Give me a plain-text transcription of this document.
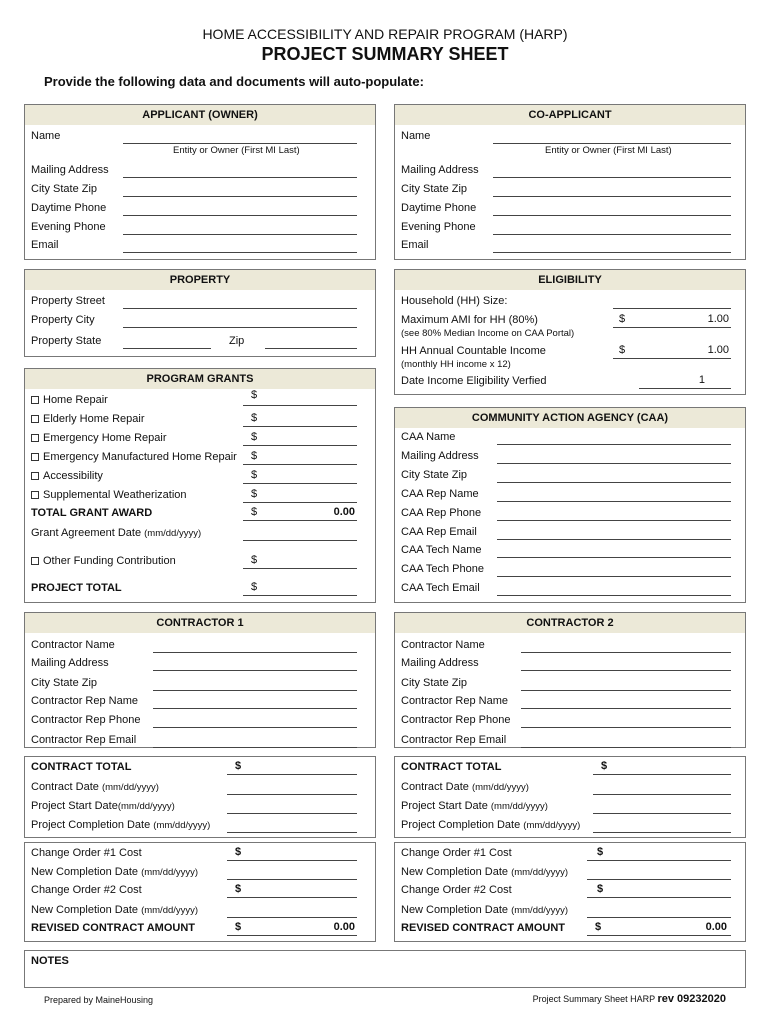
HOME ACCESSIBILITY AND REPAIR PROGRAM (HARP)
PROJECT SUMMARY SHEET
Provide the following data and documents will auto-populate:
APPLICANT (OWNER)
Name
Entity or Owner (First MI Last)
Mailing Address
City State Zip
Daytime Phone
Evening Phone
Email
CO-APPLICANT
Name
Entity or Owner (First MI Last)
Mailing Address
City State Zip
Daytime Phone
Evening Phone
Email
PROPERTY
Property Street
Property City
Property State	Zip
ELIGIBILITY
Household (HH) Size:
Maximum AMI for HH (80%)	$	1.00
(see 80% Median Income on CAA Portal)
HH Annual Countable Income	$	1.00
(monthly HH income x 12)
Date Income Eligibility Verfied	1
PROGRAM GRANTS
Home Repair	$
Elderly Home Repair	$
Emergency Home Repair	$
Emergency Manufactured Home Repair $
Accessibility	$
Supplemental Weatherization	$
TOTAL GRANT AWARD	$	0.00
Grant Agreement Date (mm/dd/yyyy)
Other Funding Contribution	$
PROJECT TOTAL	$
COMMUNITY ACTION AGENCY (CAA)
CAA Name
Mailing Address
City State Zip
CAA Rep Name
CAA Rep Phone
CAA Rep Email
CAA Tech Name
CAA Tech Phone
CAA Tech Email
CONTRACTOR 1
Contractor Name
Mailing Address
City State Zip
Contractor Rep Name
Contractor Rep Phone
Contractor Rep Email
CONTRACT TOTAL	$
Contract Date (mm/dd/yyyy)
Project Start Date(mm/dd/yyyy)
Project Completion Date (mm/dd/yyyy)
Change Order #1 Cost	$
New Completion Date (mm/dd/yyyy)
Change Order #2 Cost	$
New Completion Date (mm/dd/yyyy)
REVISED CONTRACT AMOUNT	$	0.00
CONTRACTOR 2
Contractor Name
Mailing Address
City State Zip
Contractor Rep Name
Contractor Rep Phone
Contractor Rep Email
CONTRACT TOTAL	$
Contract Date (mm/dd/yyyy)
Project Start Date (mm/dd/yyyy)
Project Completion Date (mm/dd/yyyy)
Change Order #1 Cost	$
New Completion Date (mm/dd/yyyy)
Change Order #2 Cost	$
New Completion Date (mm/dd/yyyy)
REVISED CONTRACT AMOUNT	$	0.00
NOTES
Prepared by MaineHousing	Project Summary Sheet HARP rev 09232020
